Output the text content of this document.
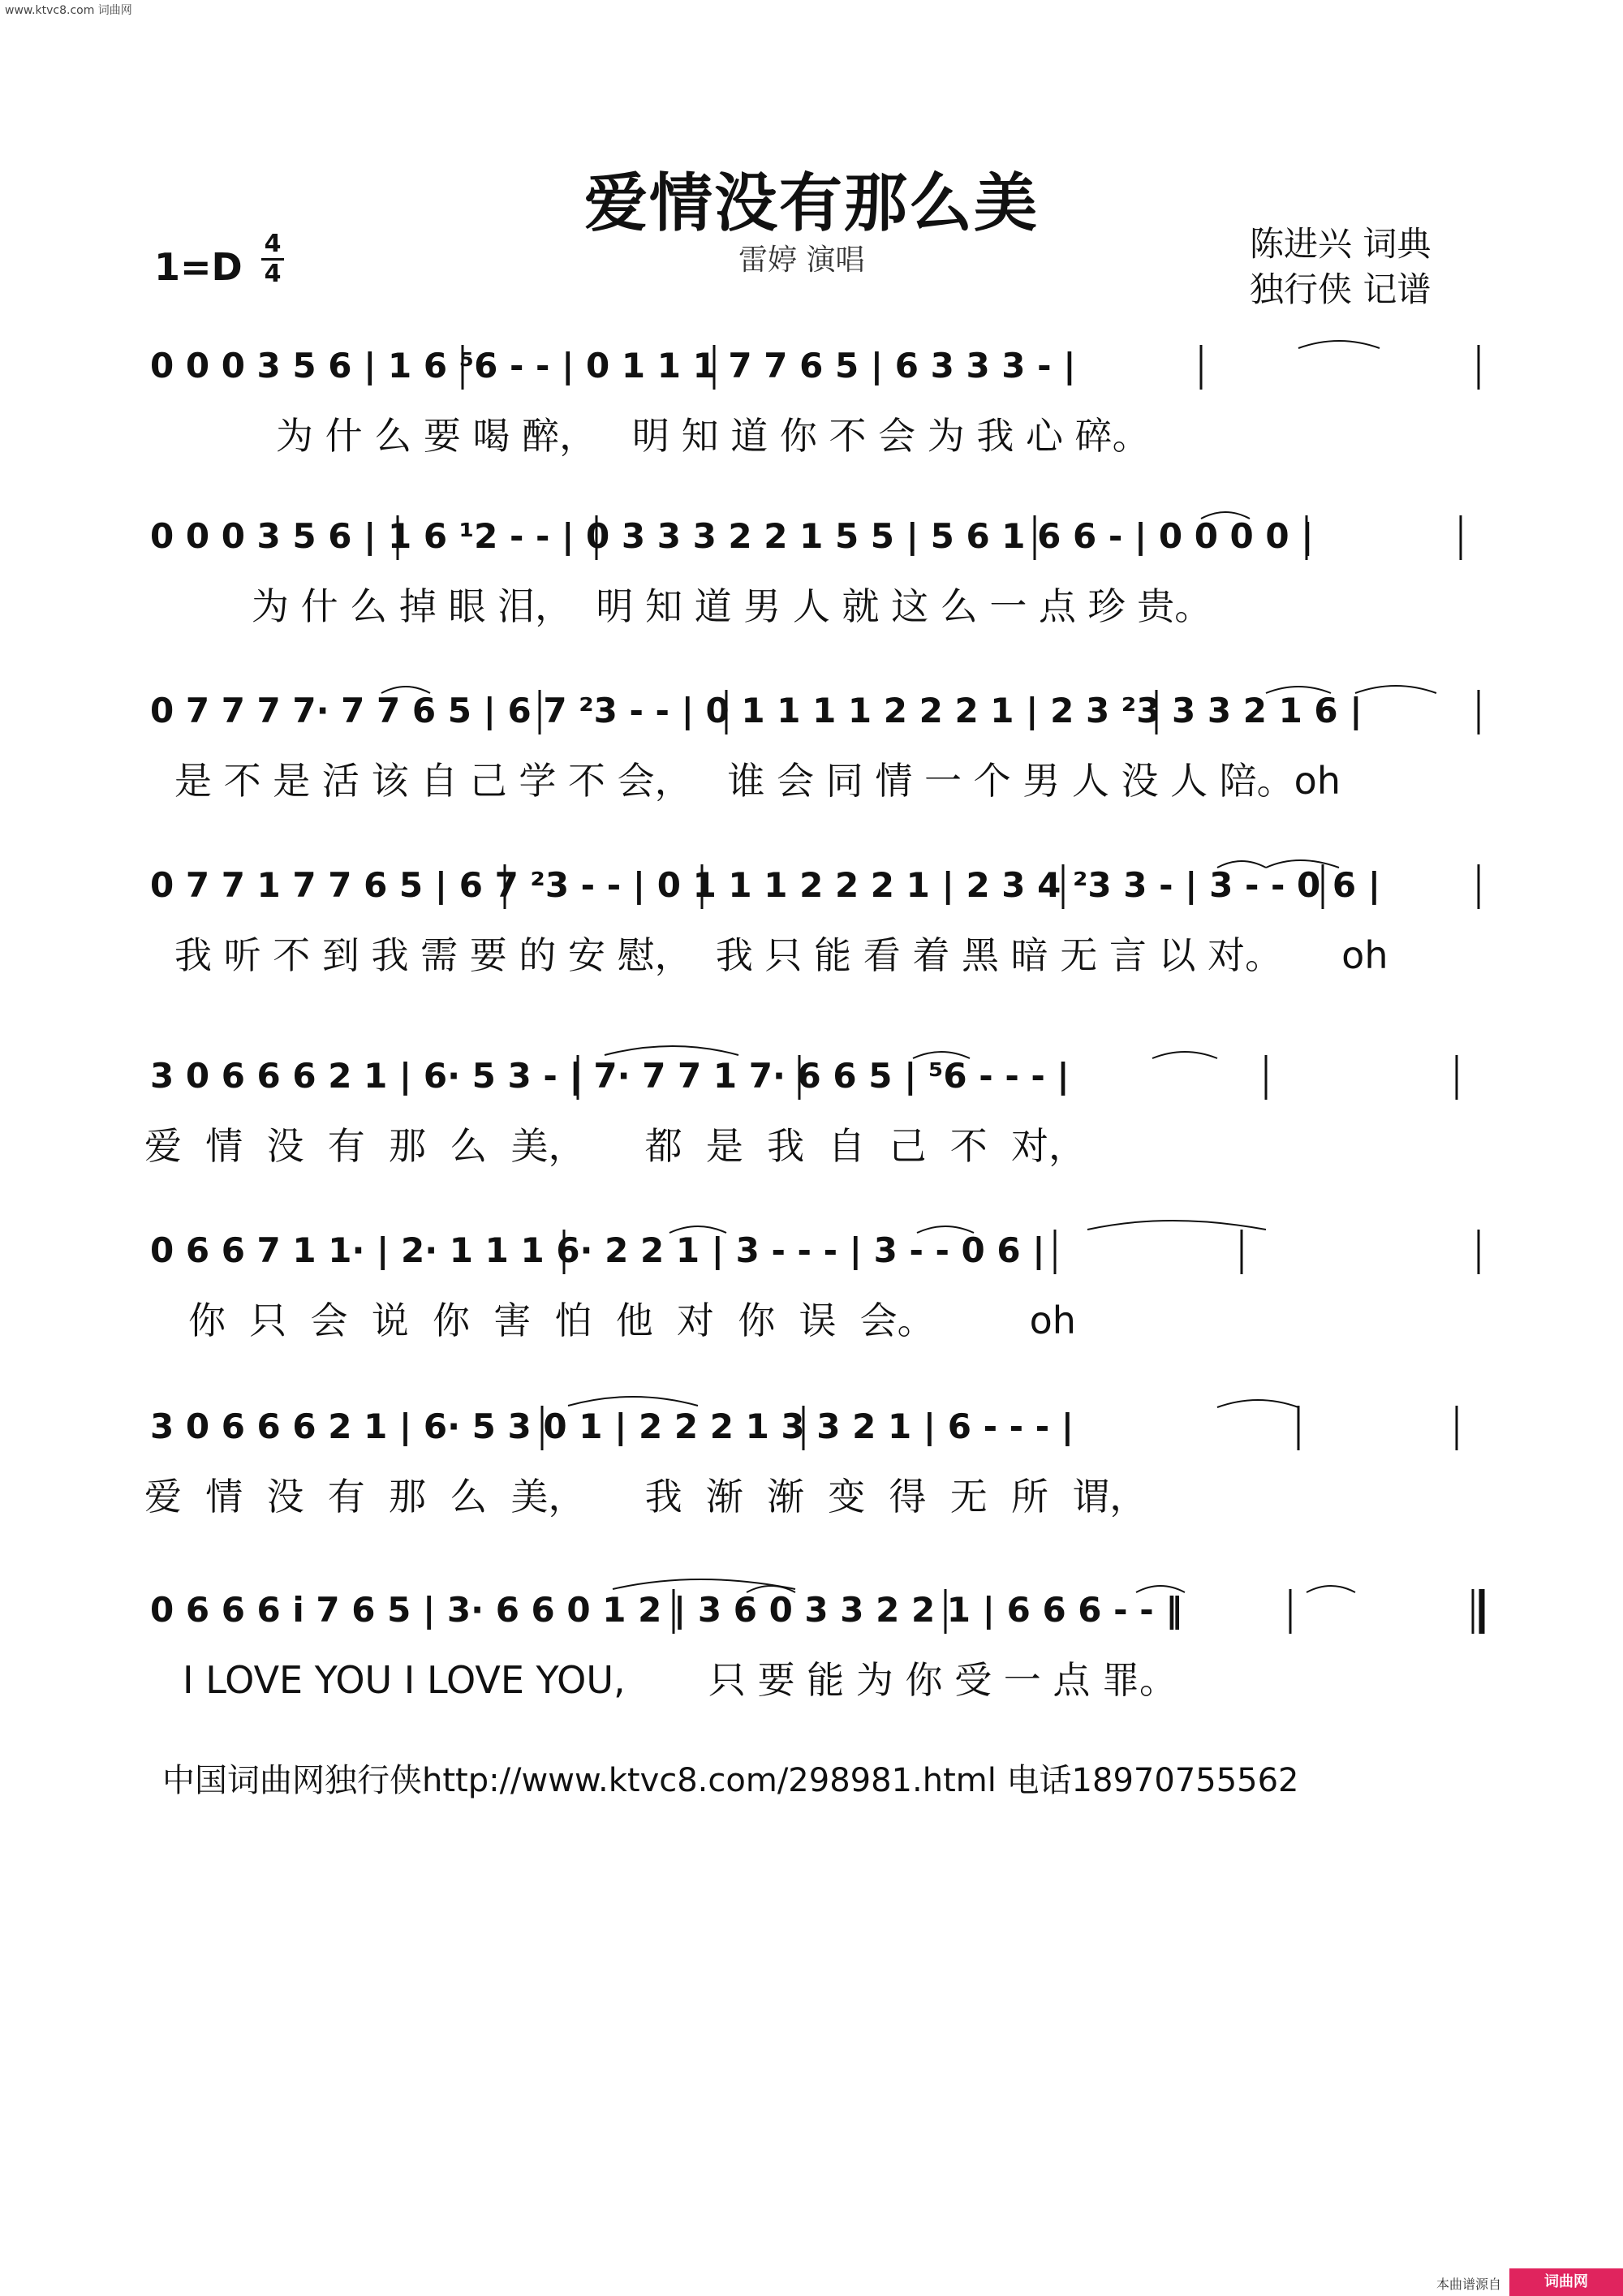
www.ktvc8.com 词曲网
爱情没有那么美
雷婷 演唱	陈进兴 词典
独行侠 记谱
1=D
4
4
0 0 0 3 5 6 | 1 6 ⁵6 - - | 0 1 1 1 7 7 6 5 | 6 3 3 3 - |
为 什 么 要 喝 醉，   明 知 道 你 不 会 为 我 心 碎。
0 0 0 3 5 6 | 1 6 ¹2 - - | 0 3 3 3 2 2 1 5 5 | 5 6 1 6 6 - | 0 0 0 0 |
为 什 么 掉 眼 泪，  明 知 道 男 人 就 这 么 一 点 珍 贵。
0 7 7 7 7· 7 7 6 5 | 6 7 ²3 - - | 0 1 1 1 1 2 2 2 1 | 2 3 ²3 3 3 2 1 6 |
是 不 是 活 该 自 己 学 不 会，   谁 会 同 情 一 个 男 人 没 人 陪。oh
0 7 7 1 7 7 6 5 | 6 7 ²3 - - | 0 1 1 1 2 2 2 1 | 2 3 4 ²3 3 - | 3 - - 0 6 |
我 听 不 到 我 需 要 的 安 慰，  我 只 能 看 着 黑 暗 无 言 以 对。     oh
3 0 6 6 6 2 1 | 6· 5 3 - | 7· 7 7 1 7· 6 6 5 | ⁵6 - - - |
爱  情  没  有  那  么  美，     都  是  我  自  己  不  对，
0 6 6 7 1 1· | 2· 1 1 1 6· 2 2 1 | 3 - - - | 3 - - 0 6 |
你  只  会  说  你  害  怕  他  对  你  误  会。        oh
3 0 6 6 6 2 1 | 6· 5 3 0 1 | 2 2 2 1 3 3 2 1 | 6 - - - |
爱  情  没  有  那  么  美，     我  渐  渐  变  得  无  所  谓，
0 6 6 6 i 7 6 5 | 3· 6 6 0 1 2 | 3 6 0 3 3 2 2 1 | 6 6 6 - - ‖
I LOVE YOU I LOVE YOU,       只 要 能 为 你 受 一 点 罪。
中国词曲网独行侠http://www.ktvc8.com/298981.html 电话18970755562
本曲谱源自	词曲网
